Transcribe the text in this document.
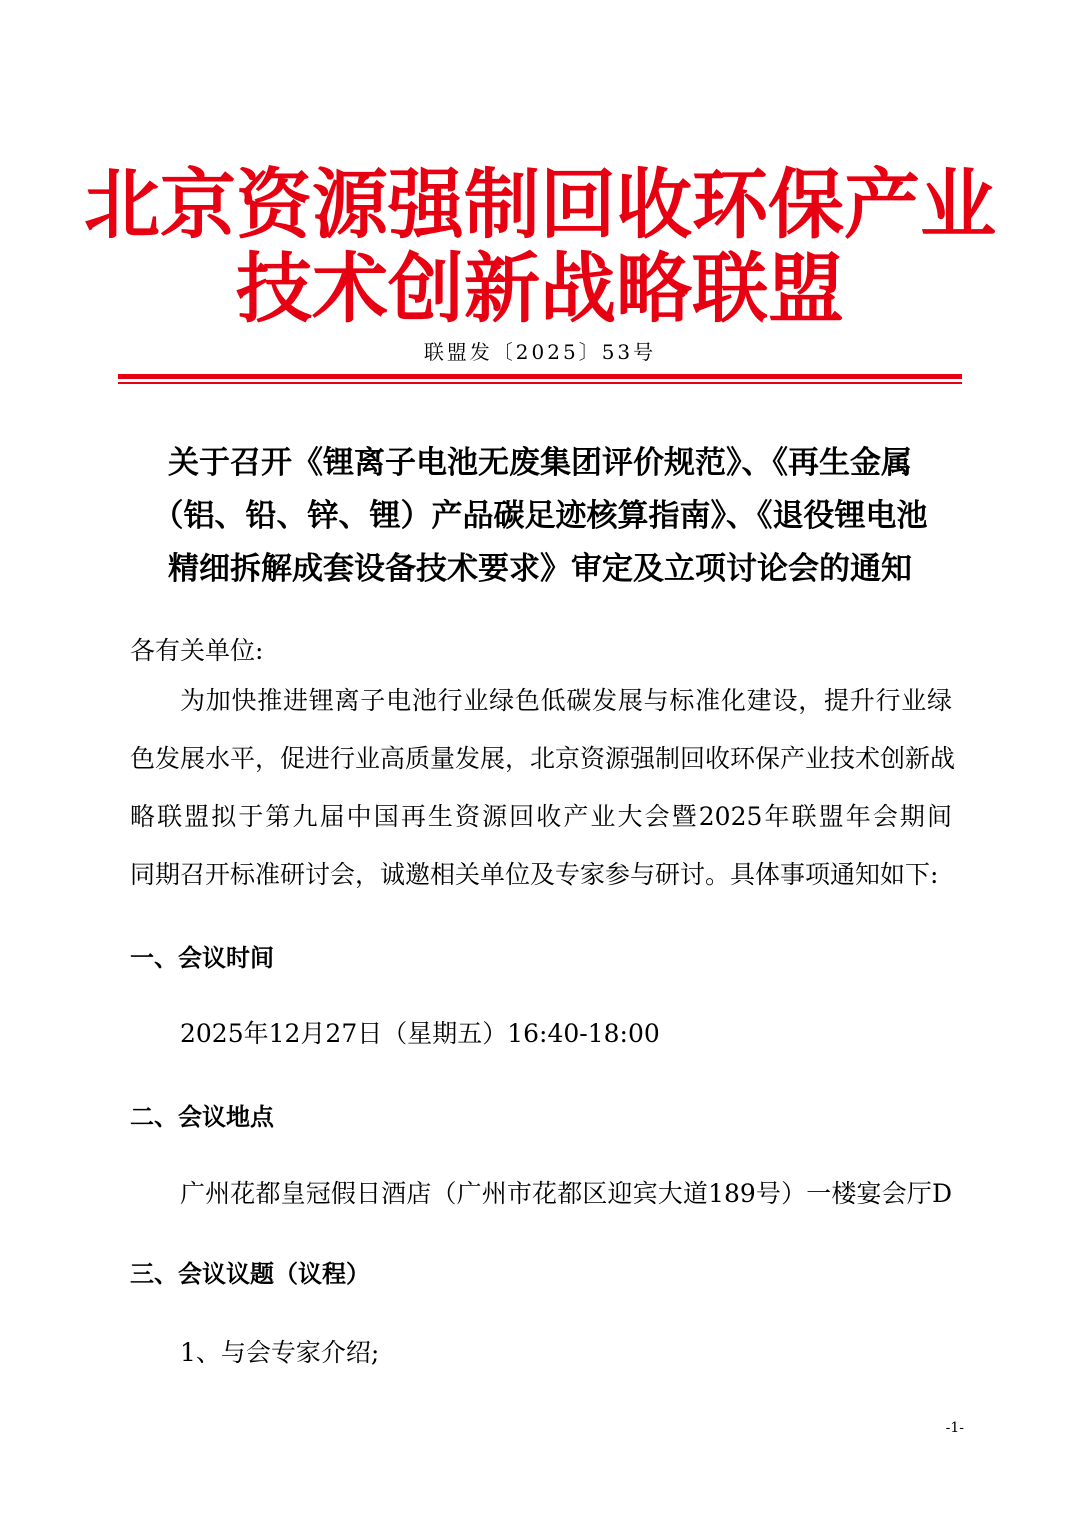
北京资源强制回收环保产业
技术创新战略联盟
联盟发〔2025〕53号
关于召开《锂离子电池无废集团评价规范》、《再生金属
（铝、铅、锌、锂）产品碳足迹核算指南》、《退役锂电池
精细拆解成套设备技术要求》审定及立项讨论会的通知
各有关单位:
为加快推进锂离子电池行业绿色低碳发展与标准化建设，提升行业绿
色发展水平，促进行业高质量发展，北京资源强制回收环保产业技术创新战
略联盟拟于第九届中国再生资源回收产业大会暨2025年联盟年会期间
同期召开标准研讨会，诚邀相关单位及专家参与研讨。具体事项通知如下:
一、会议时间
2025年12月27日（星期五）16:40-18:00
二、会议地点
广州花都皇冠假日酒店（广州市花都区迎宾大道189号）一楼宴会厅D
三、会议议题（议程）
1、与会专家介绍;
-1-
